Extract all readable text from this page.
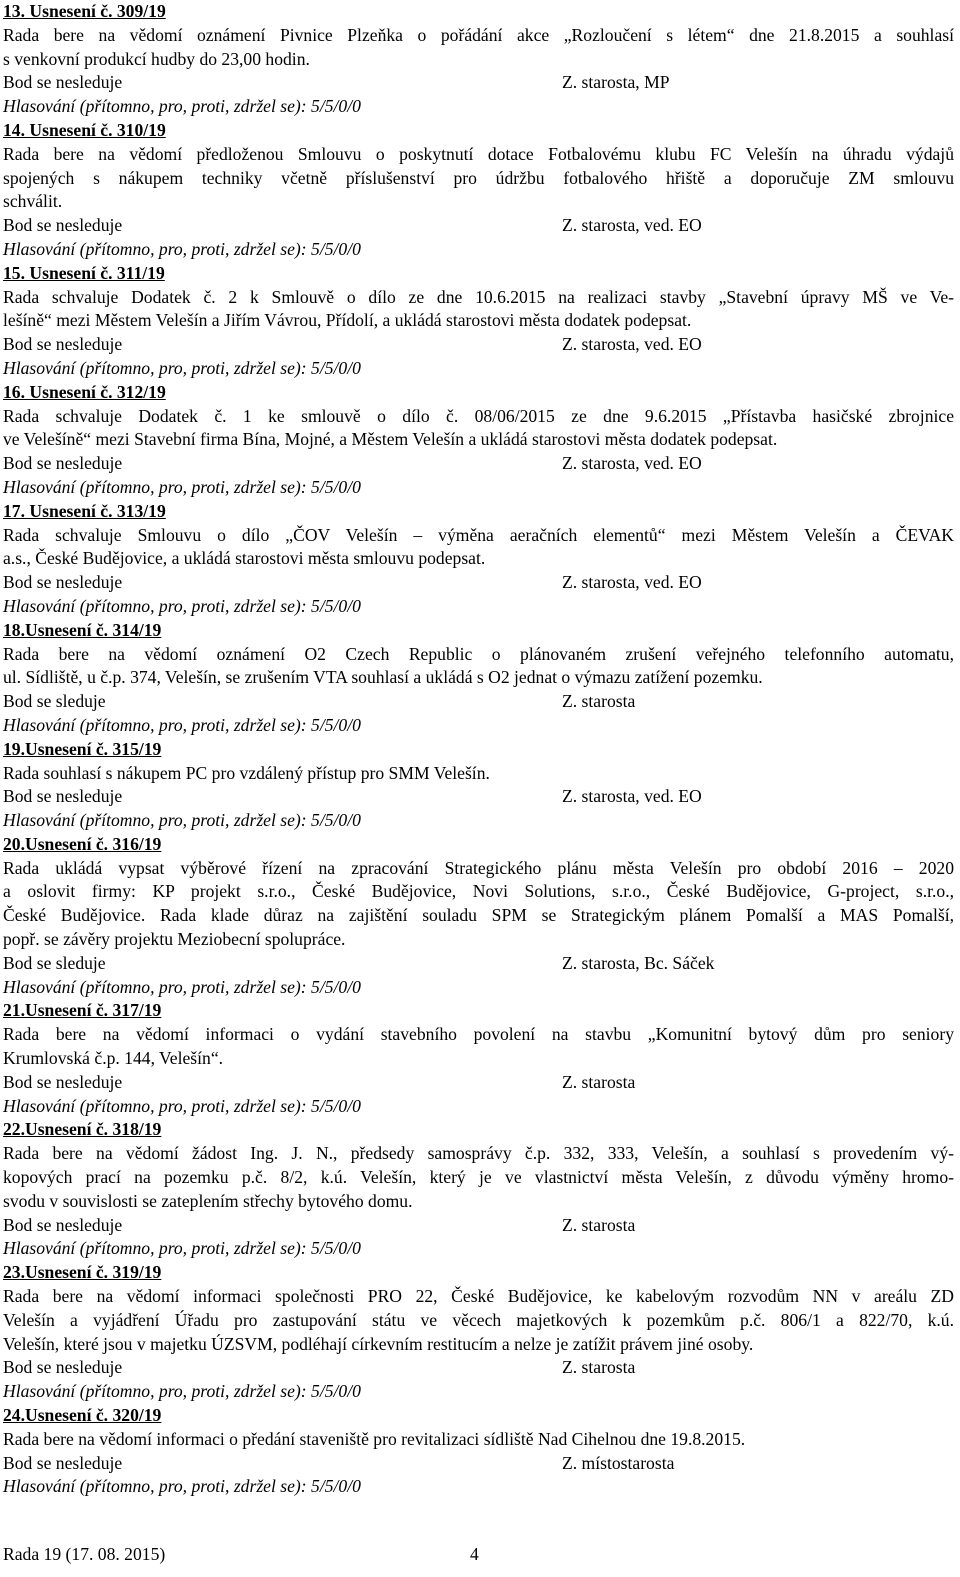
13. Usnesení č. 309/19
Rada bere na vědomí oznámení Pivnice Plzeňka o pořádání akce „Rozloučení s létem“ dne 21.8.2015 a souhlasí
s venkovní produkcí hudby do 23,00 hodin.
Bod se nesleduje	Z. starosta, MP
Hlasování (přítomno, pro, proti, zdržel se): 5/5/0/0
14. Usnesení č. 310/19
Rada bere na vědomí předloženou Smlouvu o poskytnutí dotace Fotbalovému klubu FC Velešín na úhradu výdajů
spojených s nákupem techniky včetně příslušenství pro údržbu fotbalového hřiště a doporučuje ZM smlouvu
schválit.
Bod se nesleduje	Z. starosta, ved. EO
Hlasování (přítomno, pro, proti, zdržel se): 5/5/0/0
15. Usnesení č. 311/19
Rada schvaluje Dodatek č. 2 k Smlouvě o dílo ze dne 10.6.2015 na realizaci stavby „Stavební úpravy MŠ ve Ve-
lešíně“ mezi Městem Velešín a Jiřím Vávrou, Přídolí, a ukládá starostovi města dodatek podepsat.
Bod se nesleduje	Z. starosta, ved. EO
Hlasování (přítomno, pro, proti, zdržel se): 5/5/0/0
16. Usnesení č. 312/19
Rada schvaluje Dodatek č. 1 ke smlouvě o dílo č. 08/06/2015 ze dne 9.6.2015 „Přístavba hasičské zbrojnice
ve Velešíně“ mezi Stavební firma Bína, Mojné, a Městem Velešín a ukládá starostovi města dodatek podepsat.
Bod se nesleduje	Z. starosta, ved. EO
Hlasování (přítomno, pro, proti, zdržel se): 5/5/0/0
17. Usnesení č. 313/19
Rada schvaluje Smlouvu o dílo „ČOV Velešín – výměna aeračních elementů“ mezi Městem Velešín a ČEVAK
a.s., České Budějovice, a ukládá starostovi města smlouvu podepsat.
Bod se nesleduje	Z. starosta, ved. EO
Hlasování (přítomno, pro, proti, zdržel se): 5/5/0/0
18.Usnesení č. 314/19
Rada bere na vědomí oznámení O2 Czech Republic o plánovaném zrušení veřejného telefonního automatu,
ul. Sídliště, u č.p. 374, Velešín, se zrušením VTA souhlasí a ukládá s O2 jednat o výmazu zatížení pozemku.
Bod se sleduje	Z. starosta
Hlasování (přítomno, pro, proti, zdržel se): 5/5/0/0
19.Usnesení č. 315/19
Rada souhlasí s nákupem PC pro vzdálený přístup pro SMM Velešín.
Bod se nesleduje	Z. starosta, ved. EO
Hlasování (přítomno, pro, proti, zdržel se): 5/5/0/0
20.Usnesení č. 316/19
Rada ukládá vypsat výběrové řízení na zpracování Strategického plánu města Velešín pro období 2016 – 2020
a oslovit firmy: KP projekt s.r.o., České Budějovice, Novi Solutions, s.r.o., České Budějovice, G-project, s.r.o.,
České Budějovice. Rada klade důraz na zajištění souladu SPM se Strategickým plánem Pomalší a MAS Pomalší,
popř. se závěry projektu Meziobecní spolupráce.
Bod se sleduje	Z. starosta, Bc. Sáček
Hlasování (přítomno, pro, proti, zdržel se): 5/5/0/0
21.Usnesení č. 317/19
Rada bere na vědomí informaci o vydání stavebního povolení na stavbu „Komunitní bytový dům pro seniory
Krumlovská č.p. 144, Velešín“.
Bod se nesleduje	Z. starosta
Hlasování (přítomno, pro, proti, zdržel se): 5/5/0/0
22.Usnesení č. 318/19
Rada bere na vědomí žádost Ing. J. N., předsedy samosprávy č.p. 332, 333, Velešín, a souhlasí s provedením vý-
kopových prací na pozemku p.č. 8/2, k.ú. Velešín, který je ve vlastnictví města Velešín, z důvodu výměny hromo-
svodu v souvislosti se zateplením střechy bytového domu.
Bod se nesleduje	Z. starosta
Hlasování (přítomno, pro, proti, zdržel se): 5/5/0/0
23.Usnesení č. 319/19
Rada bere na vědomí informaci společnosti PRO 22, České Budějovice, ke kabelovým rozvodům NN v areálu ZD
Velešín a vyjádření Úřadu pro zastupování státu ve věcech majetkových k pozemkům p.č. 806/1 a 822/70, k.ú.
Velešín, které jsou v majetku ÚZSVM, podléhají církevním restitucím a nelze je zatížit právem jiné osoby.
Bod se nesleduje	Z. starosta
Hlasování (přítomno, pro, proti, zdržel se): 5/5/0/0
24.Usnesení č. 320/19
Rada bere na vědomí informaci o předání staveniště pro revitalizaci sídliště Nad Cihelnou dne 19.8.2015.
Bod se nesleduje	Z. místostarosta
Hlasování (přítomno, pro, proti, zdržel se): 5/5/0/0
Rada 19 (17. 08. 2015)	4
